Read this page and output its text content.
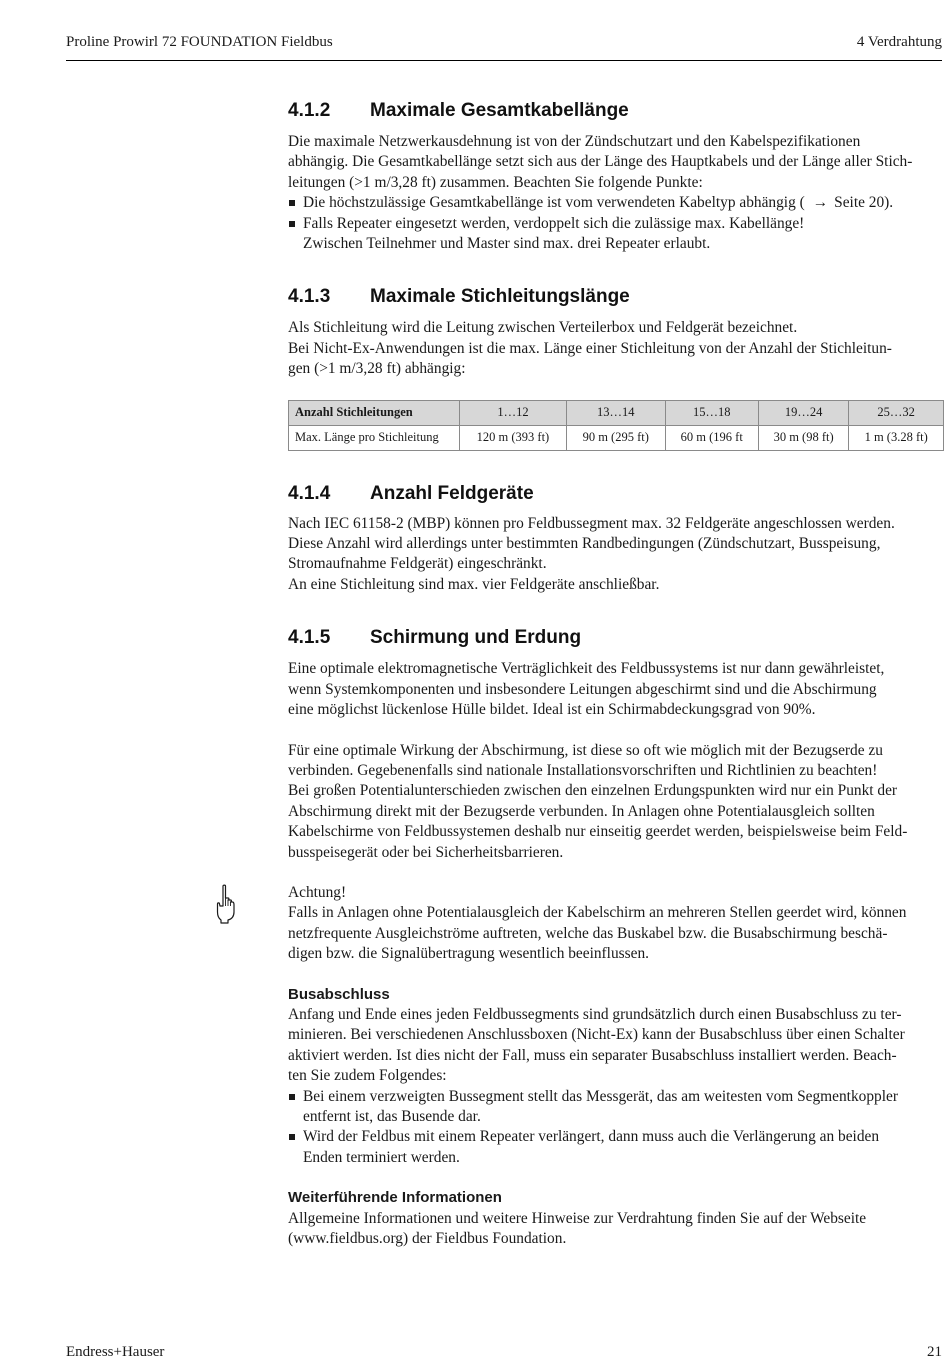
Proline Prowirl 72 FOUNDATION Fieldbus	4 Verdrahtung
4.1.2 Maximale Gesamtkabellänge

Die maximale Netzwerkausdehnung ist von der Zündschutzart und den Kabelspezifikationen

abhängig. Die Gesamtkabellänge setzt sich aus der Länge des Hauptkabels und der Länge aller Stich-

leitungen (>1 m/3,28 ft) zusammen. Beachten Sie folgende Punkte:

Die höchstzulässige Gesamtkabellänge ist vom verwendeten Kabeltyp abhängig ( → Seite 20).
Falls Repeater eingesetzt werden, verdoppelt sich die zulässige max. Kabellänge!

Zwischen Teilnehmer und Master sind max. drei Repeater erlaubt.

4.1.3 Maximale Stichleitungslänge

Als Stichleitung wird die Leitung zwischen Verteilerbox und Feldgerät bezeichnet.

Bei Nicht-Ex-Anwendungen ist die max. Länge einer Stichleitung von der Anzahl der Stichleitun-

gen (>1 m/3,28 ft) abhängig:

Anzahl Stichleitungen	1…12	13…14	15…18	19…24	25…32
Max. Länge pro Stichleitung	120 m (393 ft)	90 m (295 ft)	60 m (196 ft	30 m (98 ft)	1 m (3.28 ft)
4.1.4 Anzahl Feldgeräte

Nach IEC 61158-2 (MBP) können pro Feldbussegment max. 32 Feldgeräte angeschlossen werden.

Diese Anzahl wird allerdings unter bestimmten Randbedingungen (Zündschutzart, Busspeisung,

Stromaufnahme Feldgerät) eingeschränkt.

An eine Stichleitung sind max. vier Feldgeräte anschließbar.

4.1.5 Schirmung und Erdung

Eine optimale elektromagnetische Verträglichkeit des Feldbussystems ist nur dann gewährleistet,

wenn Systemkomponenten und insbesondere Leitungen abgeschirmt sind und die Abschirmung

eine möglichst lückenlose Hülle bildet. Ideal ist ein Schirmabdeckungsgrad von 90%.

Für eine optimale Wirkung der Abschirmung, ist diese so oft wie möglich mit der Bezugserde zu

verbinden. Gegebenenfalls sind nationale Installationsvorschriften und Richtlinien zu beachten!

Bei großen Potentialunterschieden zwischen den einzelnen Erdungspunkten wird nur ein Punkt der

Abschirmung direkt mit der Bezugserde verbunden. In Anlagen ohne Potentialausgleich sollten

Kabelschirme von Feldbussystemen deshalb nur einseitig geerdet werden, beispielsweise beim Feld-

busspeisegerät oder bei Sicherheitsbarrieren.

Achtung!

Falls in Anlagen ohne Potentialausgleich der Kabelschirm an mehreren Stellen geerdet wird, können

netzfrequente Ausgleichströme auftreten, welche das Buskabel bzw. die Busabschirmung beschä-

digen bzw. die Signalübertragung wesentlich beeinflussen.

Busabschluss

Anfang und Ende eines jeden Feldbussegments sind grundsätzlich durch einen Busabschluss zu ter-

minieren. Bei verschiedenen Anschlussboxen (Nicht-Ex) kann der Busabschluss über einen Schalter

aktiviert werden. Ist dies nicht der Fall, muss ein separater Busabschluss installiert werden. Beach-

ten Sie zudem Folgendes:

Bei einem verzweigten Bussegment stellt das Messgerät, das am weitesten vom Segmentkoppler
entfernt ist, das Busende dar.
Wird der Feldbus mit einem Repeater verlängert, dann muss auch die Verlängerung an beiden
Enden terminiert werden.

Weiterführende Informationen

Allgemeine Informationen und weitere Hinweise zur Verdrahtung finden Sie auf der Webseite

(www.fieldbus.org) der Fieldbus Foundation.

Endress+Hauser	21
